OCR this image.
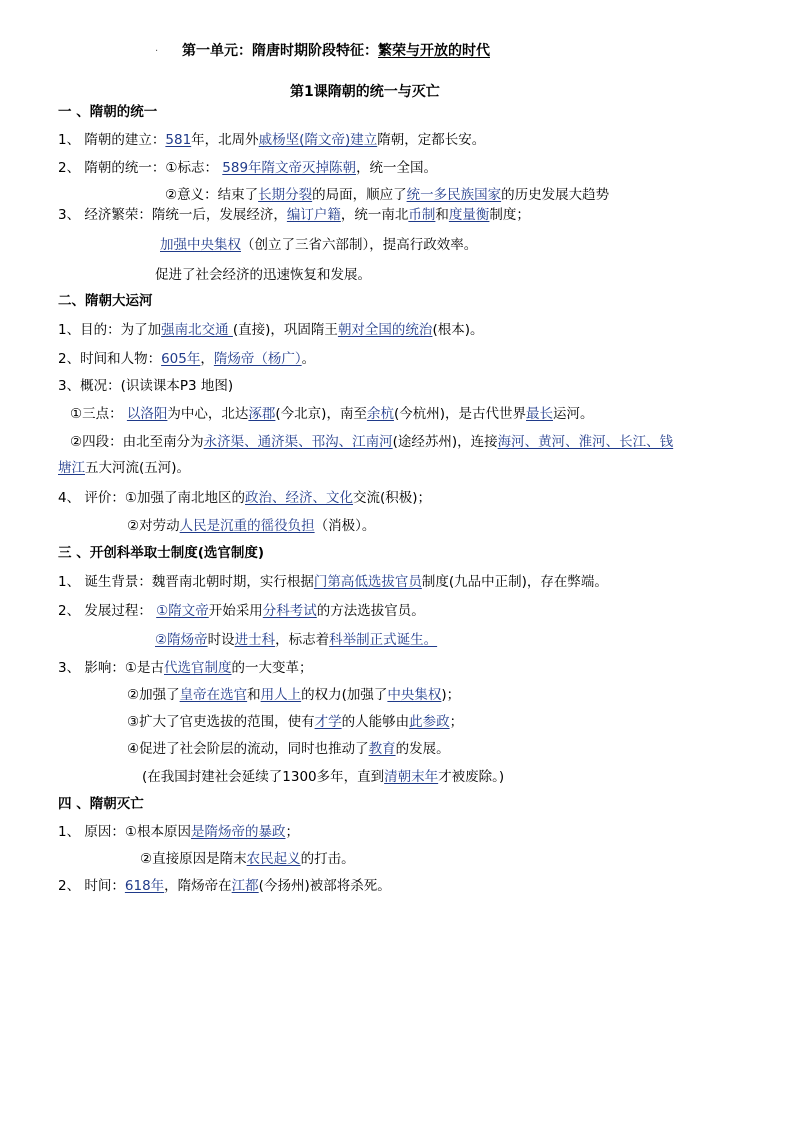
· 第一单元：隋唐时期阶段特征：繁荣与开放的时代
第1课隋朝的统一与灭亡
一 、隋朝的统一
1、 隋朝的建立：581年，北周外戚杨坚(隋文帝)建立隋朝，定都长安。
2、 隋朝的统一：①标志： 589年隋文帝灭掉陈朝，统一全国。
②意义：结束了长期分裂的局面，顺应了统一多民族国家的历史发展大趋势
3、 经济繁荣：隋统一后，发展经济，编订户籍，统一南北币制和度量衡制度；
加强中央集权（创立了三省六部制），提高行政效率。
促进了社会经济的迅速恢复和发展。
二、隋朝大运河
1、目的：为了加强南北交通 (直接)，巩固隋王朝对全国的统治(根本)。
2、时间和人物：605年，隋炀帝（杨广）。
3、概况：(识读课本P3 地图)
①三点： 以洛阳为中心，北达涿郡(今北京)，南至余杭(今杭州)，是古代世界最长运河。
②四段：由北至南分为永济渠、通济渠、邗沟、江南河(途经苏州)，连接海河、黄河、淮河、长江、钱
塘江五大河流(五河)。
4、 评价：①加强了南北地区的政治、经济、文化交流(积极)；
②对劳动人民是沉重的徭役负担（消极）。
三 、开创科举取士制度(选官制度)
1、 诞生背景：魏晋南北朝时期，实行根据门第高低选拔官员制度(九品中正制)，存在弊端。
2、 发展过程： ①隋文帝开始采用分科考试的方法选拔官员。
②隋炀帝时设进士科，标志着科举制正式诞生。
3、 影响：①是古代选官制度的一大变革；
②加强了皇帝在选官和用人上的权力(加强了中央集权)；
③扩大了官吏选拔的范围，使有才学的人能够由此参政；
④促进了社会阶层的流动，同时也推动了教育的发展。
(在我国封建社会延续了1300多年，直到清朝末年才被废除。)
四 、隋朝灭亡
1、 原因：①根本原因是隋炀帝的暴政；
②直接原因是隋末农民起义的打击。
2、 时间：618年，隋炀帝在江都(今扬州)被部将杀死。
